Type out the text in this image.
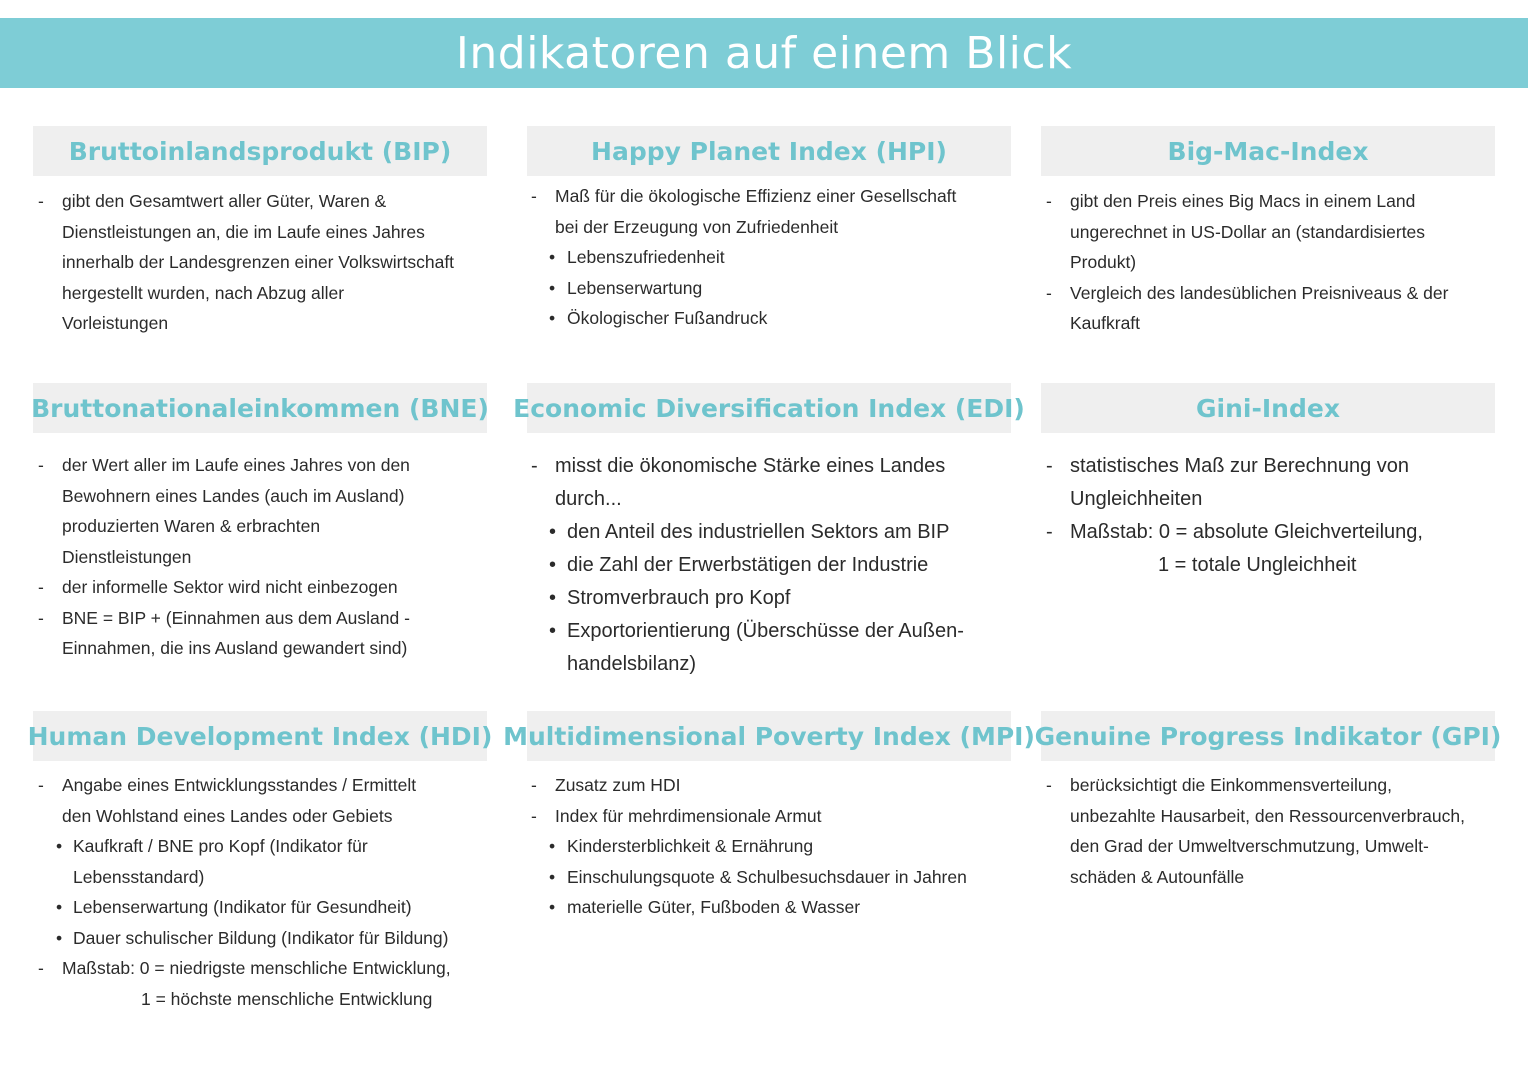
Indikatoren auf einem Blick
Bruttoinlandsprodukt (BIP)
- gibt den Gesamtwert aller Güter, Waren &
Dienstleistungen an, die im Laufe eines Jahres
innerhalb der Landesgrenzen einer Volkswirtschaft
hergestellt wurden, nach Abzug aller
Vorleistungen
Happy Planet Index (HPI)
- Maß für die ökologische Effizienz einer Gesellschaft
bei der Erzeugung von Zufriedenheit
• Lebenszufriedenheit
• Lebenserwartung
• Ökologischer Fußandruck
Big-Mac-Index
- gibt den Preis eines Big Macs in einem Land
ungerechnet in US-Dollar an (standardisiertes
Produkt)
- Vergleich des landesüblichen Preisniveaus & der
Kaufkraft
Bruttonationaleinkommen (BNE)
- der Wert aller im Laufe eines Jahres von den
Bewohnern eines Landes (auch im Ausland)
produzierten Waren & erbrachten
Dienstleistungen
- der informelle Sektor wird nicht einbezogen
- BNE = BIP + (Einnahmen aus dem Ausland -
Einnahmen, die ins Ausland gewandert sind)
Economic Diversification Index (EDI)
- misst die ökonomische Stärke eines Landes
durch...
• den Anteil des industriellen Sektors am BIP
• die Zahl der Erwerbstätigen der Industrie
• Stromverbrauch pro Kopf
• Exportorientierung (Überschüsse der Außen-
handelsbilanz)
Gini-Index
- statistisches Maß zur Berechnung von
Ungleichheiten
- Maßstab: 0 = absolute Gleichverteilung,
1 = totale Ungleichheit
Human Development Index (HDI)
- Angabe eines Entwicklungsstandes / Ermittelt
den Wohlstand eines Landes oder Gebiets
• Kaufkraft / BNE pro Kopf (Indikator für
Lebensstandard)
• Lebenserwartung (Indikator für Gesundheit)
• Dauer schulischer Bildung (Indikator für Bildung)
- Maßstab: 0 = niedrigste menschliche Entwicklung,
1 = höchste menschliche Entwicklung
Multidimensional Poverty Index (MPI)
- Zusatz zum HDI
- Index für mehrdimensionale Armut
• Kindersterblichkeit & Ernährung
• Einschulungsquote & Schulbesuchsdauer in Jahren
• materielle Güter, Fußboden & Wasser
Genuine Progress Indikator (GPI)
- berücksichtigt die Einkommensverteilung,
unbezahlte Hausarbeit, den Ressourcenverbrauch,
den Grad der Umweltverschmutzung, Umwelt-
schäden & Autounfälle
